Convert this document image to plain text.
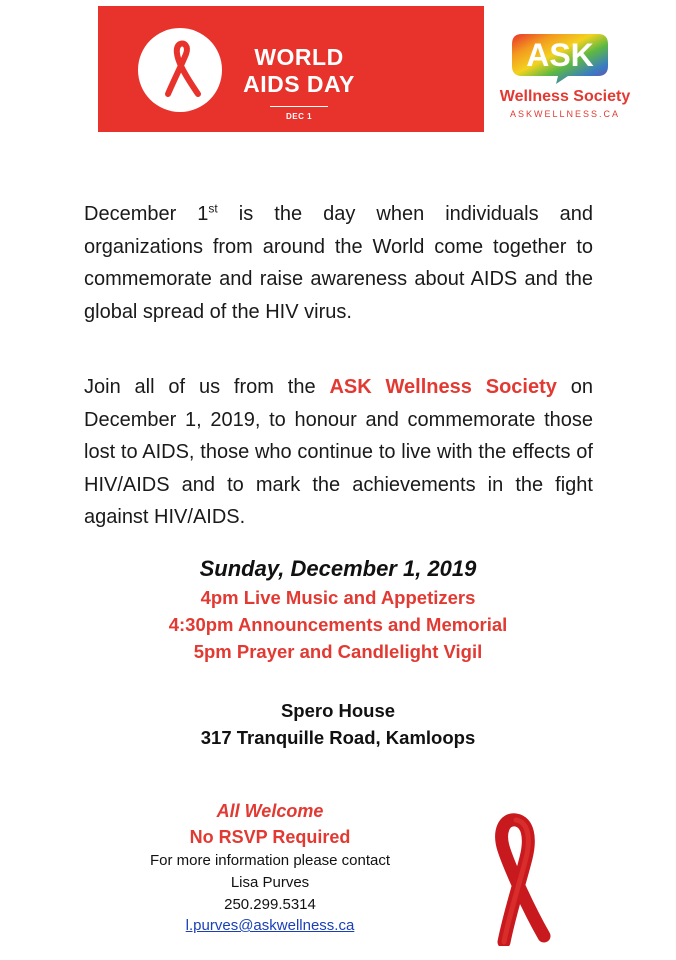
WORLD
AIDS DAY
DEC 1
ASK
Wellness Society
ASKWELLNESS.CA

December 1st is the day when individuals and organizations from around the World come together to commemorate and raise awareness about AIDS and the global spread of the HIV virus.

Join all of us from the ASK Wellness Society on December 1, 2019, to honour and commemorate those lost to AIDS, those who continue to live with the effects of HIV/AIDS and to mark the achievements in the fight against HIV/AIDS.

Sunday, December 1, 2019

4pm Live Music and Appetizers

4:30pm Announcements and Memorial

5pm Prayer and Candlelight Vigil

Spero House

317 Tranquille Road, Kamloops

All Welcome

No RSVP Required

For more information please contact

Lisa Purves

250.299.5314

l.purves@askwellness.ca
